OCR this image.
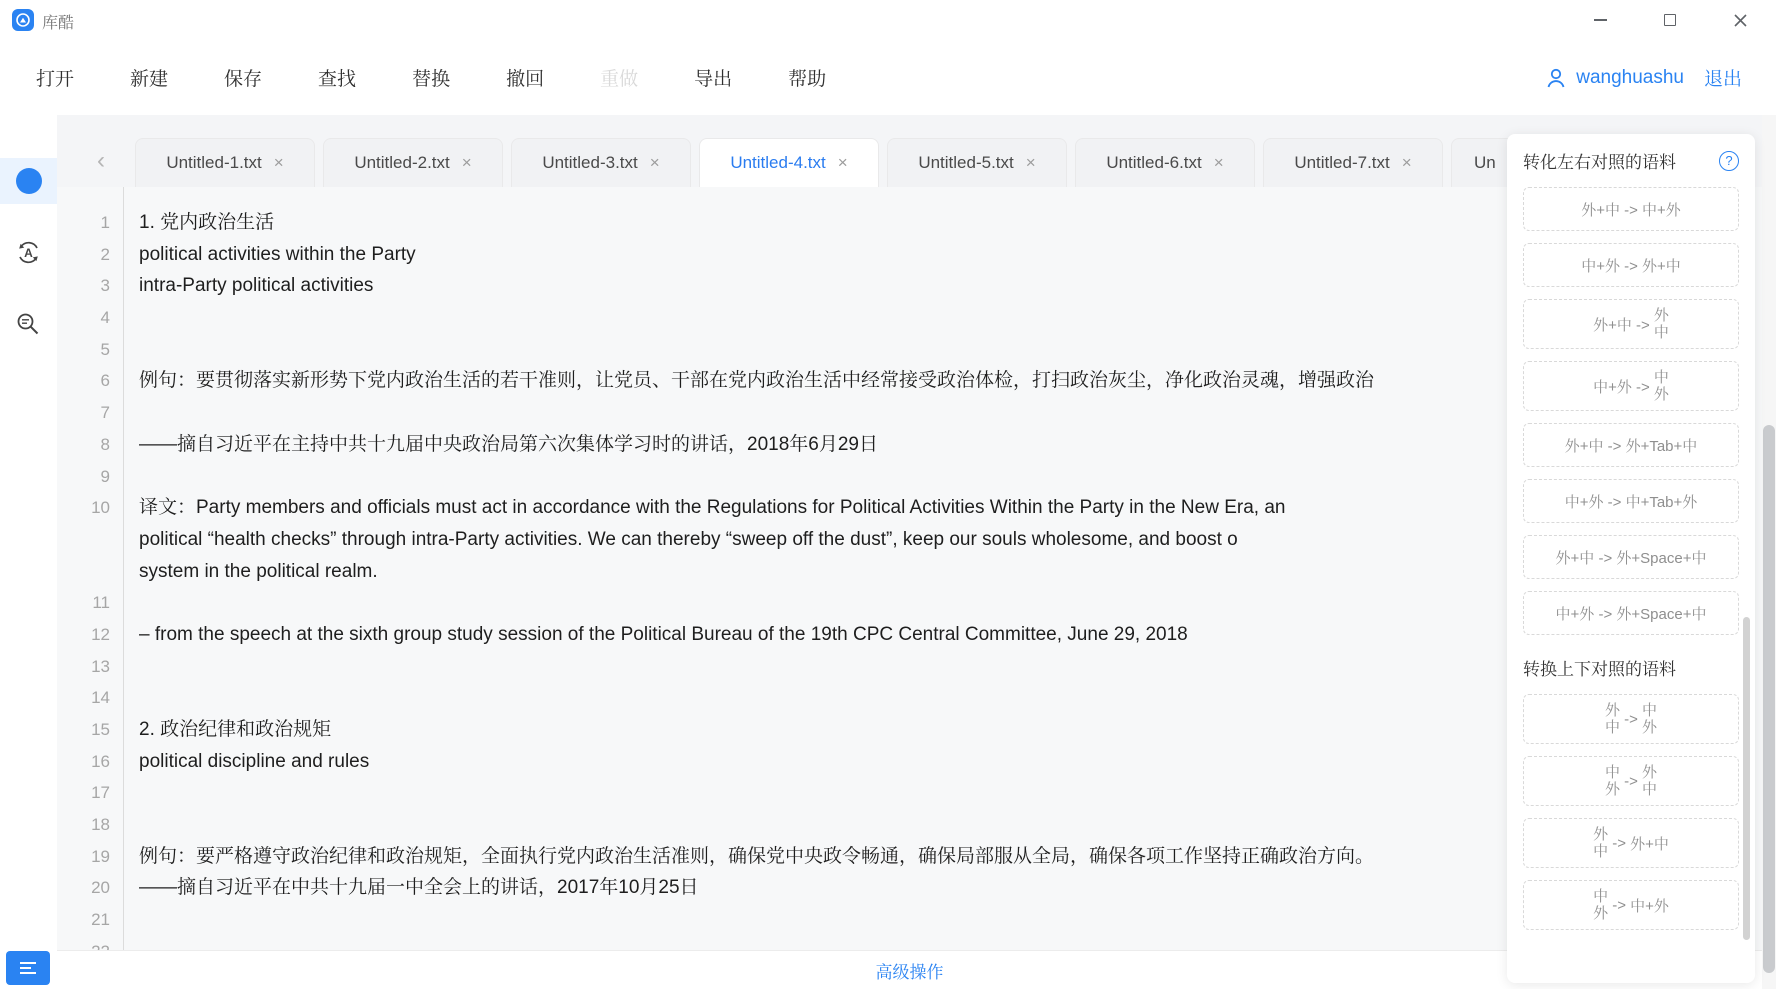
库酷
打开	新建	保存	查找	替换	撤回	重做	导出	帮助	wanghuashu 退出
A
‹	Untitled-1.txt ×	Untitled-2.txt ×	Untitled-3.txt ×	Untitled-4.txt ×	Untitled-5.txt ×	Untitled-6.txt ×	Untitled-7.txt ×	Un
1	1. 党内政治生活
2	political activities within the Party
3	intra-Party political activities
4
5
6	例句：要贯彻落实新形势下党内政治生活的若干准则，让党员、干部在党内政治生活中经常接受政治体检，打扫政治灰尘，净化政治灵魂，增强政治
7
8	——摘自习近平在主持中共十九届中央政治局第六次集体学习时的讲话，2018年6月29日
9
10	译文：Party members and officials must act in accordance with the Regulations for Political Activities Within the Party in the New Era, an
political “health checks” through intra-Party activities. We can thereby “sweep off the dust”, keep our souls wholesome, and boost o
system in the political realm.
11
12	– from the speech at the sixth group study session of the Political Bureau of the 19th CPC Central Committee, June 29, 2018
13
14
15	2. 政治纪律和政治规矩
16	political discipline and rules
17
18
19	例句：要严格遵守政治纪律和政治规矩，全面执行党内政治生活准则，确保党中央政令畅通，确保局部服从全局，确保各项工作坚持正确政治方向。
20	——摘自习近平在中共十九届一中全会上的讲话，2017年10月25日
21
高级操作
转化左右对照的语料	?
外+中 -> 中+外
中+外 -> 外+中
外+中 ->
外
中
中+外 ->
中
外
外+中 -> 外+Tab+中
中+外 -> 中+Tab+外
外+中 -> 外+Space+中
中+外 -> 外+Space+中
转换上下对照的语料
外
中 -> 中
外
中
外 -> 外
中
外
中 -> 外+中
中
外 -> 中+外
